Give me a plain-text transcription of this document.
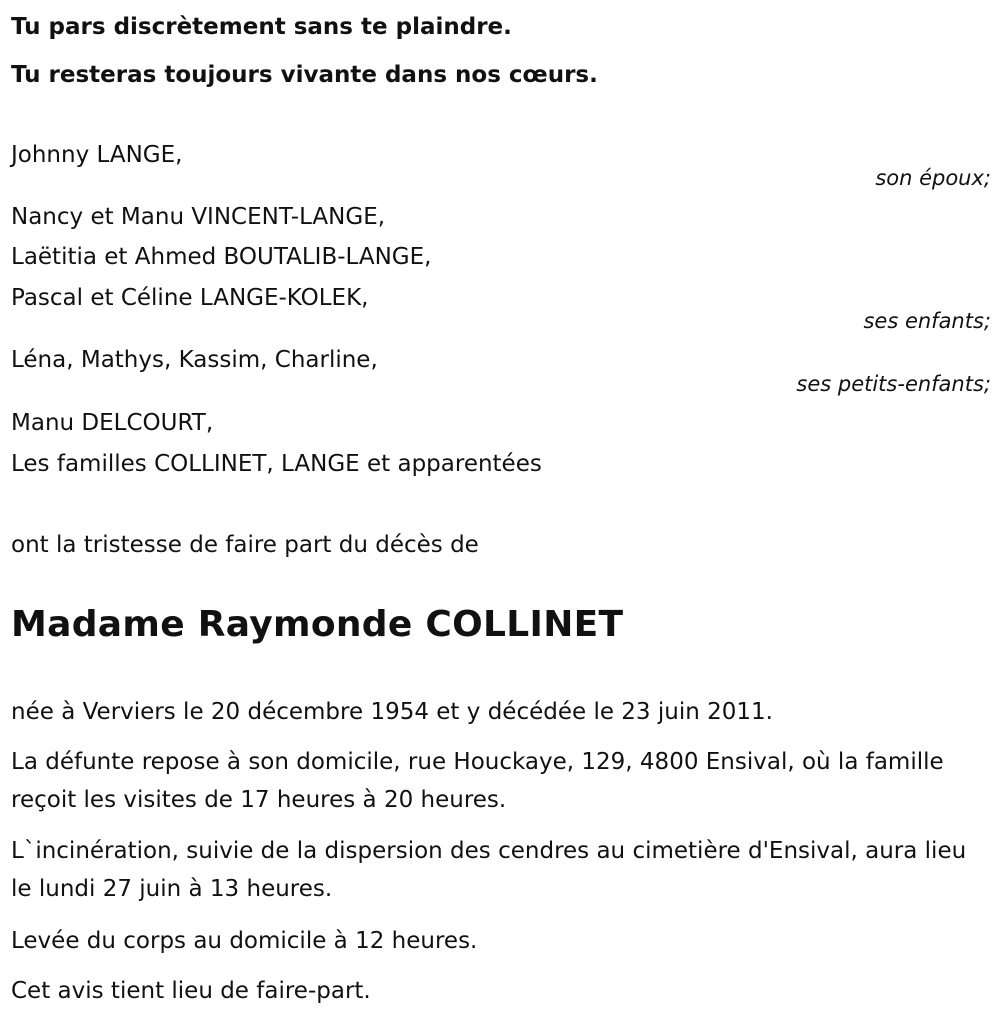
Tu pars discrètement sans te plaindre.
Tu resteras toujours vivante dans nos cœurs.
Johnny LANGE,
son époux;
Nancy et Manu VINCENT-LANGE,
Laëtitia et Ahmed BOUTALIB-LANGE,
Pascal et Céline LANGE-KOLEK,
ses enfants;
Léna, Mathys, Kassim, Charline,
ses petits-enfants;
Manu DELCOURT,
Les familles COLLINET, LANGE et apparentées
ont la tristesse de faire part du décès de
Madame Raymonde COLLINET
née à Verviers le 20 décembre 1954 et y décédée le 23 juin 2011.
La défunte repose à son domicile, rue Houckaye, 129, 4800 Ensival, où la famille reçoit les visites de 17 heures à 20 heures.
L`incinération, suivie de la dispersion des cendres au cimetière d'Ensival, aura lieu le lundi 27 juin à 13 heures.
Levée du corps au domicile à 12 heures.
Cet avis tient lieu de faire-part.
